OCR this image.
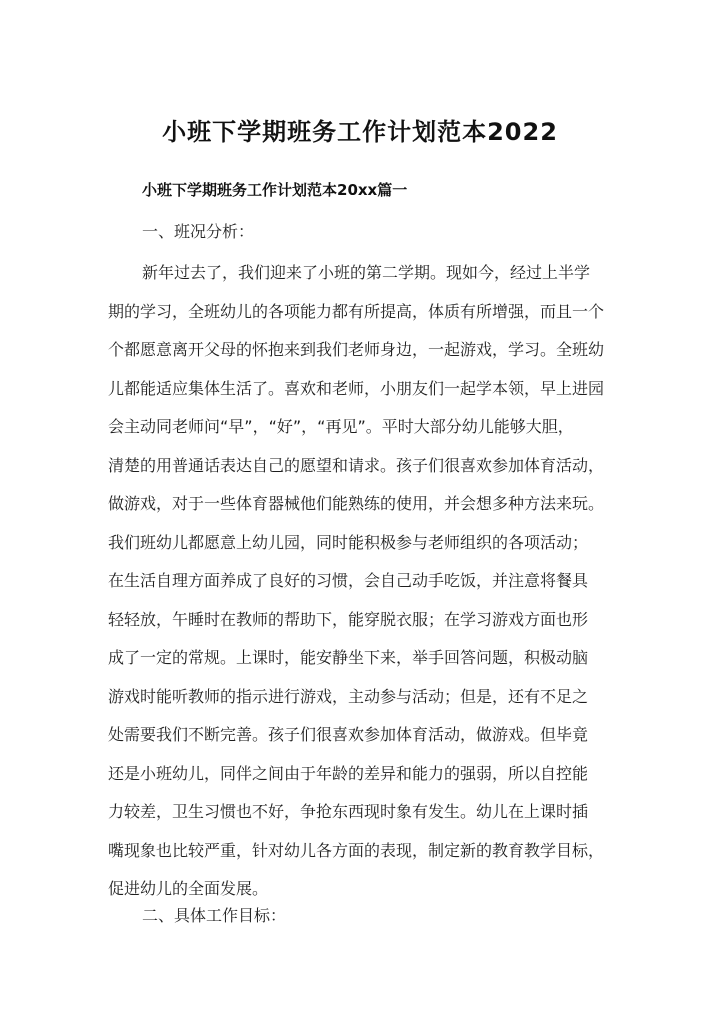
小班下学期班务工作计划范本2022
小班下学期班务工作计划范本20xx篇一
一、班况分析：
新年过去了，我们迎来了小班的第二学期。现如今，经过上半学
期的学习，全班幼儿的各项能力都有所提高，体质有所增强，而且一个
个都愿意离开父母的怀抱来到我们老师身边，一起游戏，学习。全班幼
儿都能适应集体生活了。喜欢和老师，小朋友们一起学本领，早上进园
会主动同老师问“早”，“好”，“再见”。平时大部分幼儿能够大胆，
清楚的用普通话表达自己的愿望和请求。孩子们很喜欢参加体育活动，
做游戏，对于一些体育器械他们能熟练的使用，并会想多种方法来玩。
我们班幼儿都愿意上幼儿园，同时能积极参与老师组织的各项活动；
在生活自理方面养成了良好的习惯，会自己动手吃饭，并注意将餐具
轻轻放，午睡时在教师的帮助下，能穿脱衣服；在学习游戏方面也形
成了一定的常规。上课时，能安静坐下来，举手回答问题，积极动脑
游戏时能听教师的指示进行游戏，主动参与活动；但是，还有不足之
处需要我们不断完善。孩子们很喜欢参加体育活动，做游戏。但毕竟
还是小班幼儿，同伴之间由于年龄的差异和能力的强弱，所以自控能
力较差，卫生习惯也不好，争抢东西现时象有发生。幼儿在上课时插
嘴现象也比较严重，针对幼儿各方面的表现，制定新的教育教学目标，
促进幼儿的全面发展。
二、具体工作目标：
